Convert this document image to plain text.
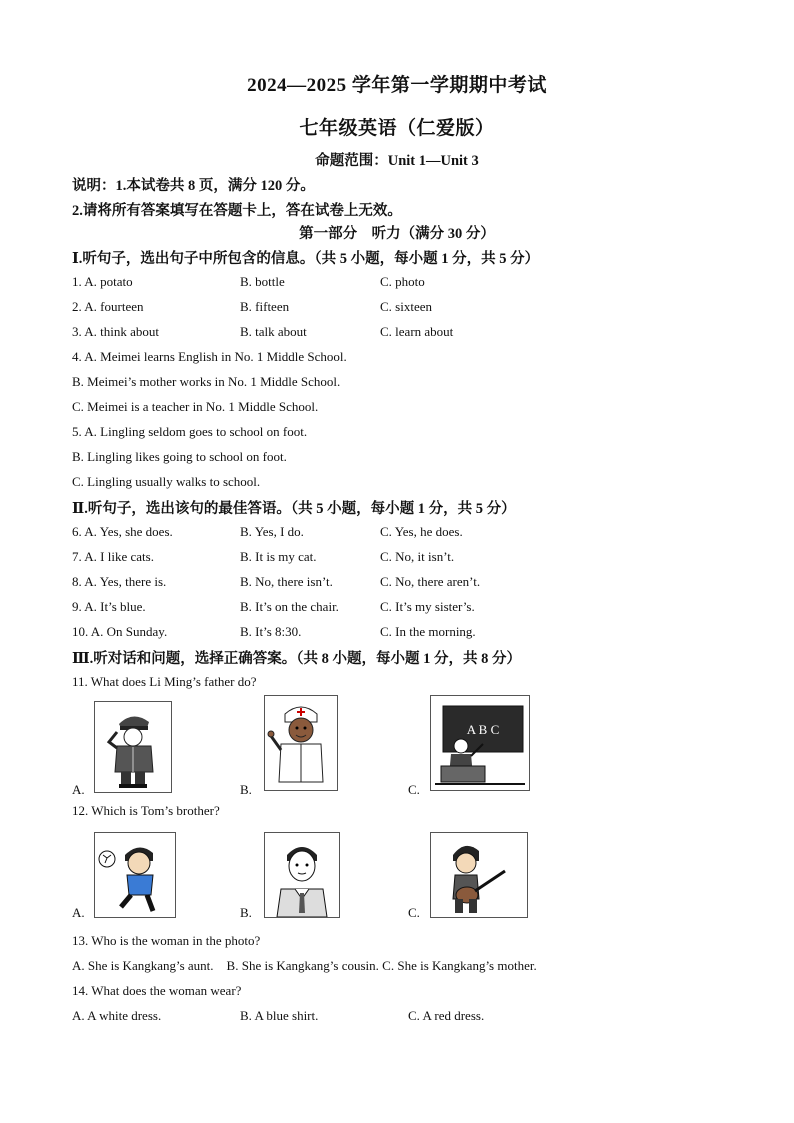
2024—2025 学年第一学期期中考试
七年级英语（仁爱版）
命题范围：Unit 1—Unit 3
说明：1.本试卷共 8 页，满分 120 分。
2.请将所有答案填写在答题卡上，答在试卷上无效。
第一部分　听力（满分 30 分）
Ⅰ.听句子，选出句子中所包含的信息。（共 5 小题，每小题 1 分，共 5 分）
1. A. potato	B. bottle	C. photo
2. A. fourteen	B. fifteen	C. sixteen
3. A. think about	B. talk about	C. learn about
4. A. Meimei learns English in No. 1 Middle School.
B. Meimei’s mother works in No. 1 Middle School.
C. Meimei is a teacher in No. 1 Middle School.
5. A. Lingling seldom goes to school on foot.
B. Lingling likes going to school on foot.
C. Lingling usually walks to school.
Ⅱ.听句子，选出该句的最佳答语。（共 5 小题，每小题 1 分，共 5 分）
6. A. Yes, she does.	B. Yes, I do.	C. Yes, he does.
7. A. I like cats.	B. It is my cat.	C. No, it isn’t.
8. A. Yes, there is.	B. No, there isn’t.	C. No, there aren’t.
9. A. It’s blue.	B. It’s on the chair.	C. It’s my sister’s.
10. A. On Sunday.	B. It’s 8:30.	C. In the morning.
Ⅲ.听对话和问题，选择正确答案。（共 8 小题，每小题 1 分，共 8 分）
11. What does Li Ming’s father do?
A B C
A.	B.	C.
12. Which is Tom’s brother?
A.	B.	C.
13. Who is the woman in the photo?
A. She is Kangkang’s aunt.    B. She is Kangkang’s cousin. C. She is Kangkang’s mother.
14. What does the woman wear?
A. A white dress.	B. A blue shirt.	C. A red dress.
